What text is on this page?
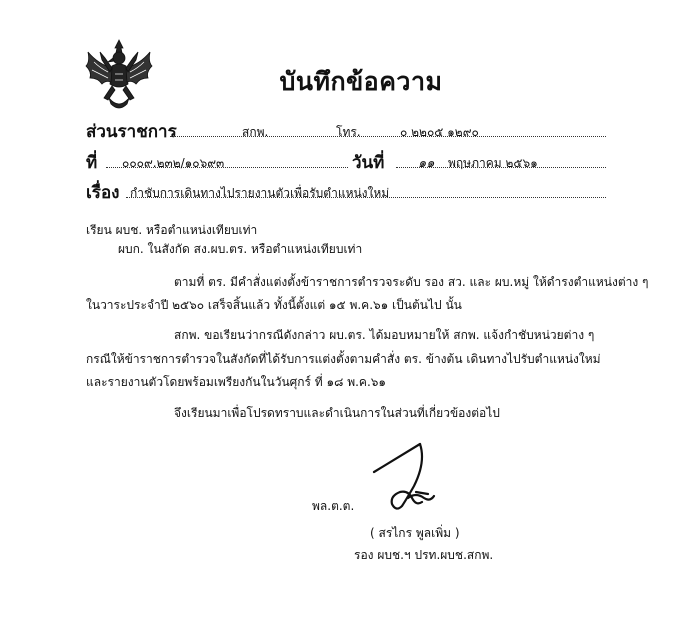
บันทึกข้อความ
ส่วนราชการ	สกพ.	โทร.	๐ ๒๒๐๕ ๑๒๙๐
ที่ ๐๐๐๙.๒๓๒/๑๐๖๙๓	วันที่	๑๑ พฤษภาคม ๒๕๖๑
เรื่อง กำชับการเดินทางไปรายงานตัวเพื่อรับตำแหน่งใหม่
เรียน ผบช. หรือตำแหน่งเทียบเท่า
ผบก. ในสังกัด สง.ผบ.ตร. หรือตำแหน่งเทียบเท่า
ตามที่ ตร. มีคำสั่งแต่งตั้งข้าราชการตำรวจระดับ รอง สว. และ ผบ.หมู่ ให้ดำรงตำแหน่งต่าง ๆ
ในวาระประจำปี ๒๕๖๐ เสร็จสิ้นแล้ว ทั้งนี้ตั้งแต่ ๑๕ พ.ค.๖๑ เป็นต้นไป นั้น
สกพ. ขอเรียนว่ากรณีดังกล่าว ผบ.ตร. ได้มอบหมายให้ สกพ. แจ้งกำชับหน่วยต่าง ๆ
กรณีให้ข้าราชการตำรวจในสังกัดที่ได้รับการแต่งตั้งตามคำสั่ง ตร. ข้างต้น เดินทางไปรับตำแหน่งใหม่
และรายงานตัวโดยพร้อมเพรียงกันในวันศุกร์ ที่ ๑๘ พ.ค.๖๑
จึงเรียนมาเพื่อโปรดทราบและดำเนินการในส่วนที่เกี่ยวข้องต่อไป
พล.ต.ต.
( สรไกร พูลเพิ่ม )
รอง ผบช.ฯ ปรท.ผบช.สกพ.
